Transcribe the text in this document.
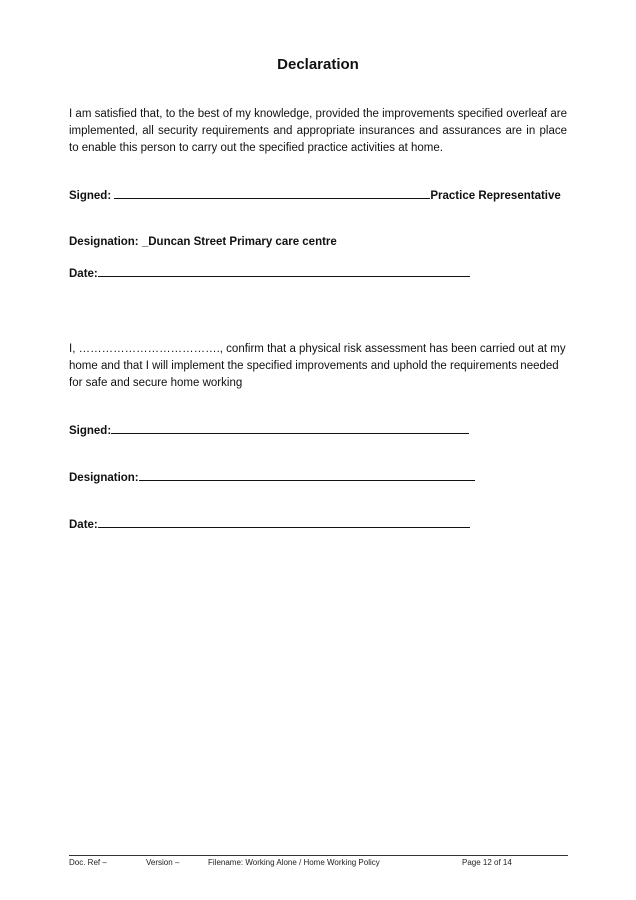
Declaration
I am satisfied that, to the best of my knowledge, provided the improvements specified overleaf are implemented, all security requirements and appropriate insurances and assurances are in place to enable this person to carry out the specified practice activities at home.
Signed:	Practice Representative
Designation: _Duncan Street Primary care centre
Date:
I, ………………………………., confirm that a physical risk assessment has been carried out at my home and that I will implement the specified improvements and uphold the requirements needed for safe and secure home working
Signed:
Designation:
Date:
Doc. Ref –	Version –	Filename: Working Alone / Home Working Policy	Page 12 of 14
